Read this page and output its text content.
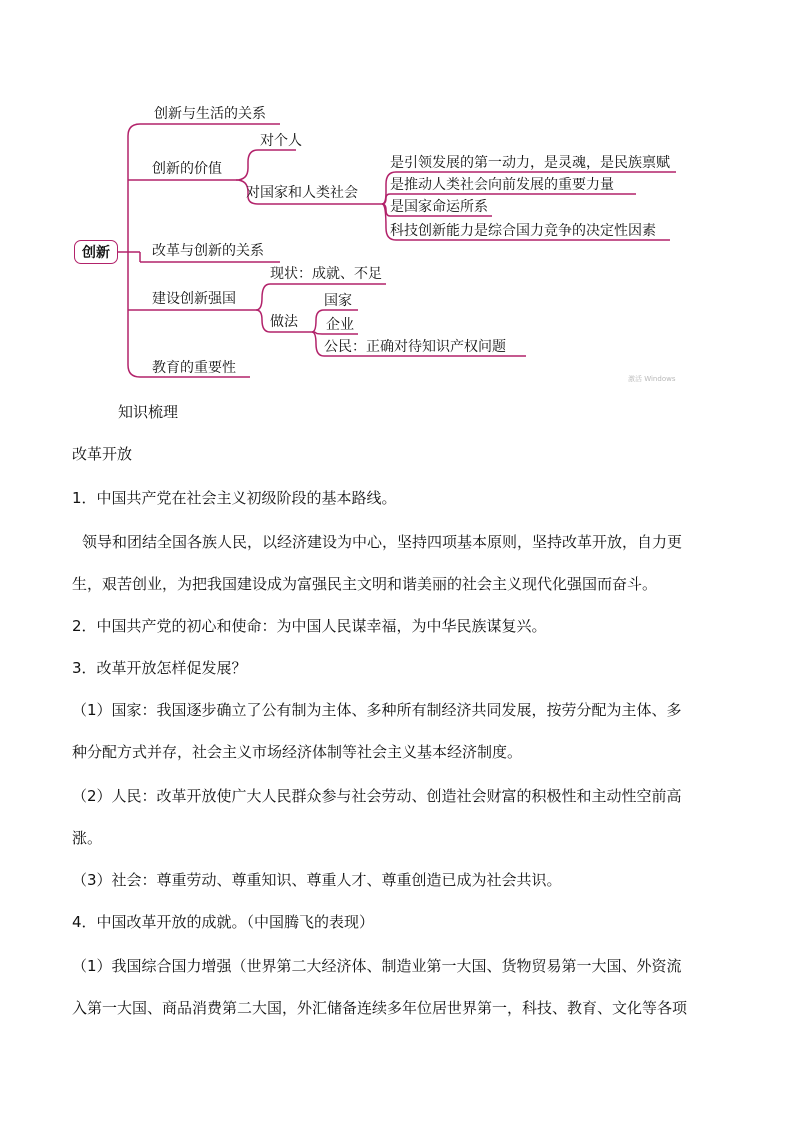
创新
创新与生活的关系
创新的价值
对个人
对国家和人类社会
是引领发展的第一动力，是灵魂，是民族禀赋
是推动人类社会向前发展的重要力量
是国家命运所系
科技创新能力是综合国力竞争的决定性因素
改革与创新的关系
建设创新强国
现状：成就、不足
做法
国家
企业
公民：正确对待知识产权问题
教育的重要性
激活 Windows
知识梳理
改革开放
1．中国共产党在社会主义初级阶段的基本路线。
领导和团结全国各族人民，以经济建设为中心，坚持四项基本原则，坚持改革开放，自力更
生，艰苦创业，为把我国建设成为富强民主文明和谐美丽的社会主义现代化强国而奋斗。
2．中国共产党的初心和使命：为中国人民谋幸福，为中华民族谋复兴。
3．改革开放怎样促发展？
（1）国家：我国逐步确立了公有制为主体、多种所有制经济共同发展，按劳分配为主体、多
种分配方式并存，社会主义市场经济体制等社会主义基本经济制度。
（2）人民：改革开放使广大人民群众参与社会劳动、创造社会财富的积极性和主动性空前高
涨。
（3）社会：尊重劳动、尊重知识、尊重人才、尊重创造已成为社会共识。
4．中国改革开放的成就。（中国腾飞的表现）
（1）我国综合国力增强（世界第二大经济体、制造业第一大国、货物贸易第一大国、外资流
入第一大国、商品消费第二大国，外汇储备连续多年位居世界第一，科技、教育、文化等各项
